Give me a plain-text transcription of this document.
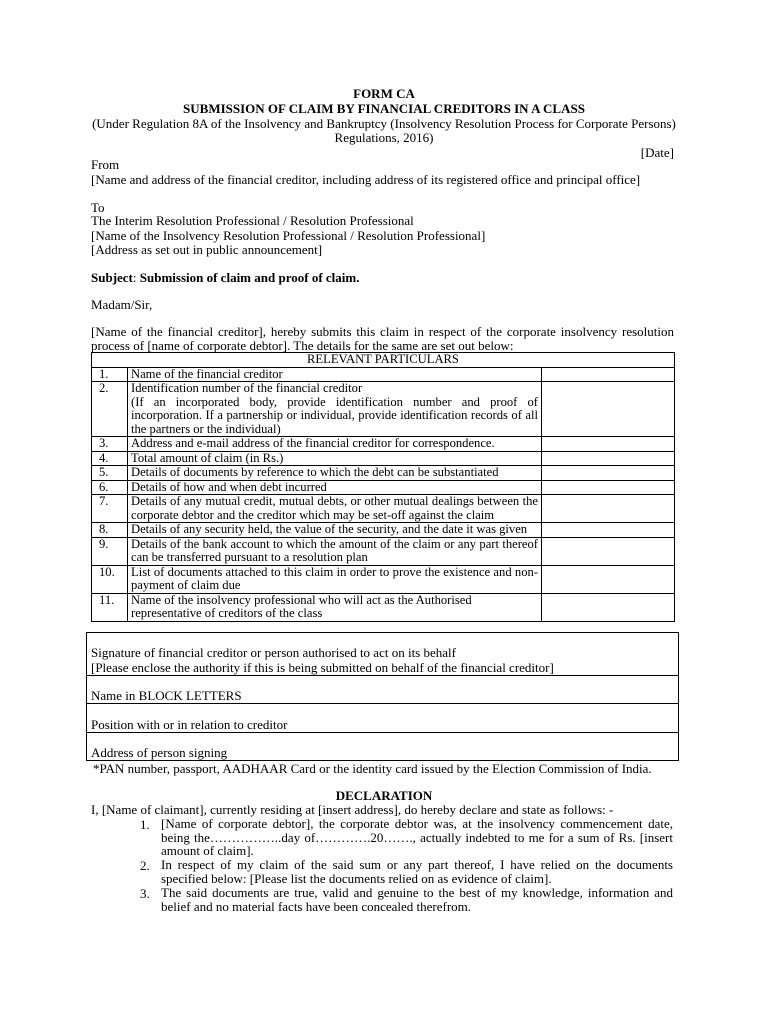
FORM CA
SUBMISSION OF CLAIM BY FINANCIAL CREDITORS IN A CLASS
(Under Regulation 8A of the Insolvency and Bankruptcy (Insolvency Resolution Process for Corporate Persons)
Regulations, 2016)
[Date]
From
[Name and address of the financial creditor, including address of its registered office and principal office]
To
The Interim Resolution Professional / Resolution Professional
[Name of the Insolvency Resolution Professional / Resolution Professional]
[Address as set out in public announcement]
Subject: Submission of claim and proof of claim.
Madam/Sir,
[Name of the financial creditor], hereby submits this claim in respect of the corporate insolvency resolution process of [name of corporate debtor]. The details for the same are set out below:
RELEVANT PARTICULARS		
1.	Name of the financial creditor	
2.	Identification number of the financial creditor
(If an incorporated body, provide identification number and proof of incorporation. If a partnership or individual, provide identification records of all the partners or the individual)	

3.	Address and e-mail address of the financial creditor for correspondence.	
4.	Total amount of claim (in Rs.)	
5.	Details of documents by reference to which the debt can be substantiated	
6.	Details of how and when debt incurred	
7.	Details of any mutual credit, mutual debts, or other mutual dealings between the corporate debtor and the creditor which may be set-off against the claim	
8.	Details of any security held, the value of the security, and the date it was given	
9.	Details of the bank account to which the amount of the claim or any part thereof can be transferred pursuant to a resolution plan	
10.	List of documents attached to this claim in order to prove the existence and non-payment of claim due	
11.	Name of the insolvency professional who will act as the Authorised representative of creditors of the class	
Signature of financial creditor or person authorised to act on its behalf
[Please enclose the authority if this is being submitted on behalf of the financial creditor]
Name in BLOCK LETTERS
Position with or in relation to creditor
Address of person signing
*PAN number, passport, AADHAAR Card or the identity card issued by the Election Commission of India.
DECLARATION
I, [Name of claimant], currently residing at [insert address], do hereby declare and state as follows: -
1. [Name of corporate debtor], the corporate debtor was, at the insolvency commencement date, being the……………..day of………….20……., actually indebted to me for a sum of Rs. [insert amount of claim].
2. In respect of my claim of the said sum or any part thereof, I have relied on the documents specified below: [Please list the documents relied on as evidence of claim].
3. The said documents are true, valid and genuine to the best of my knowledge, information and belief and no material facts have been concealed therefrom.
